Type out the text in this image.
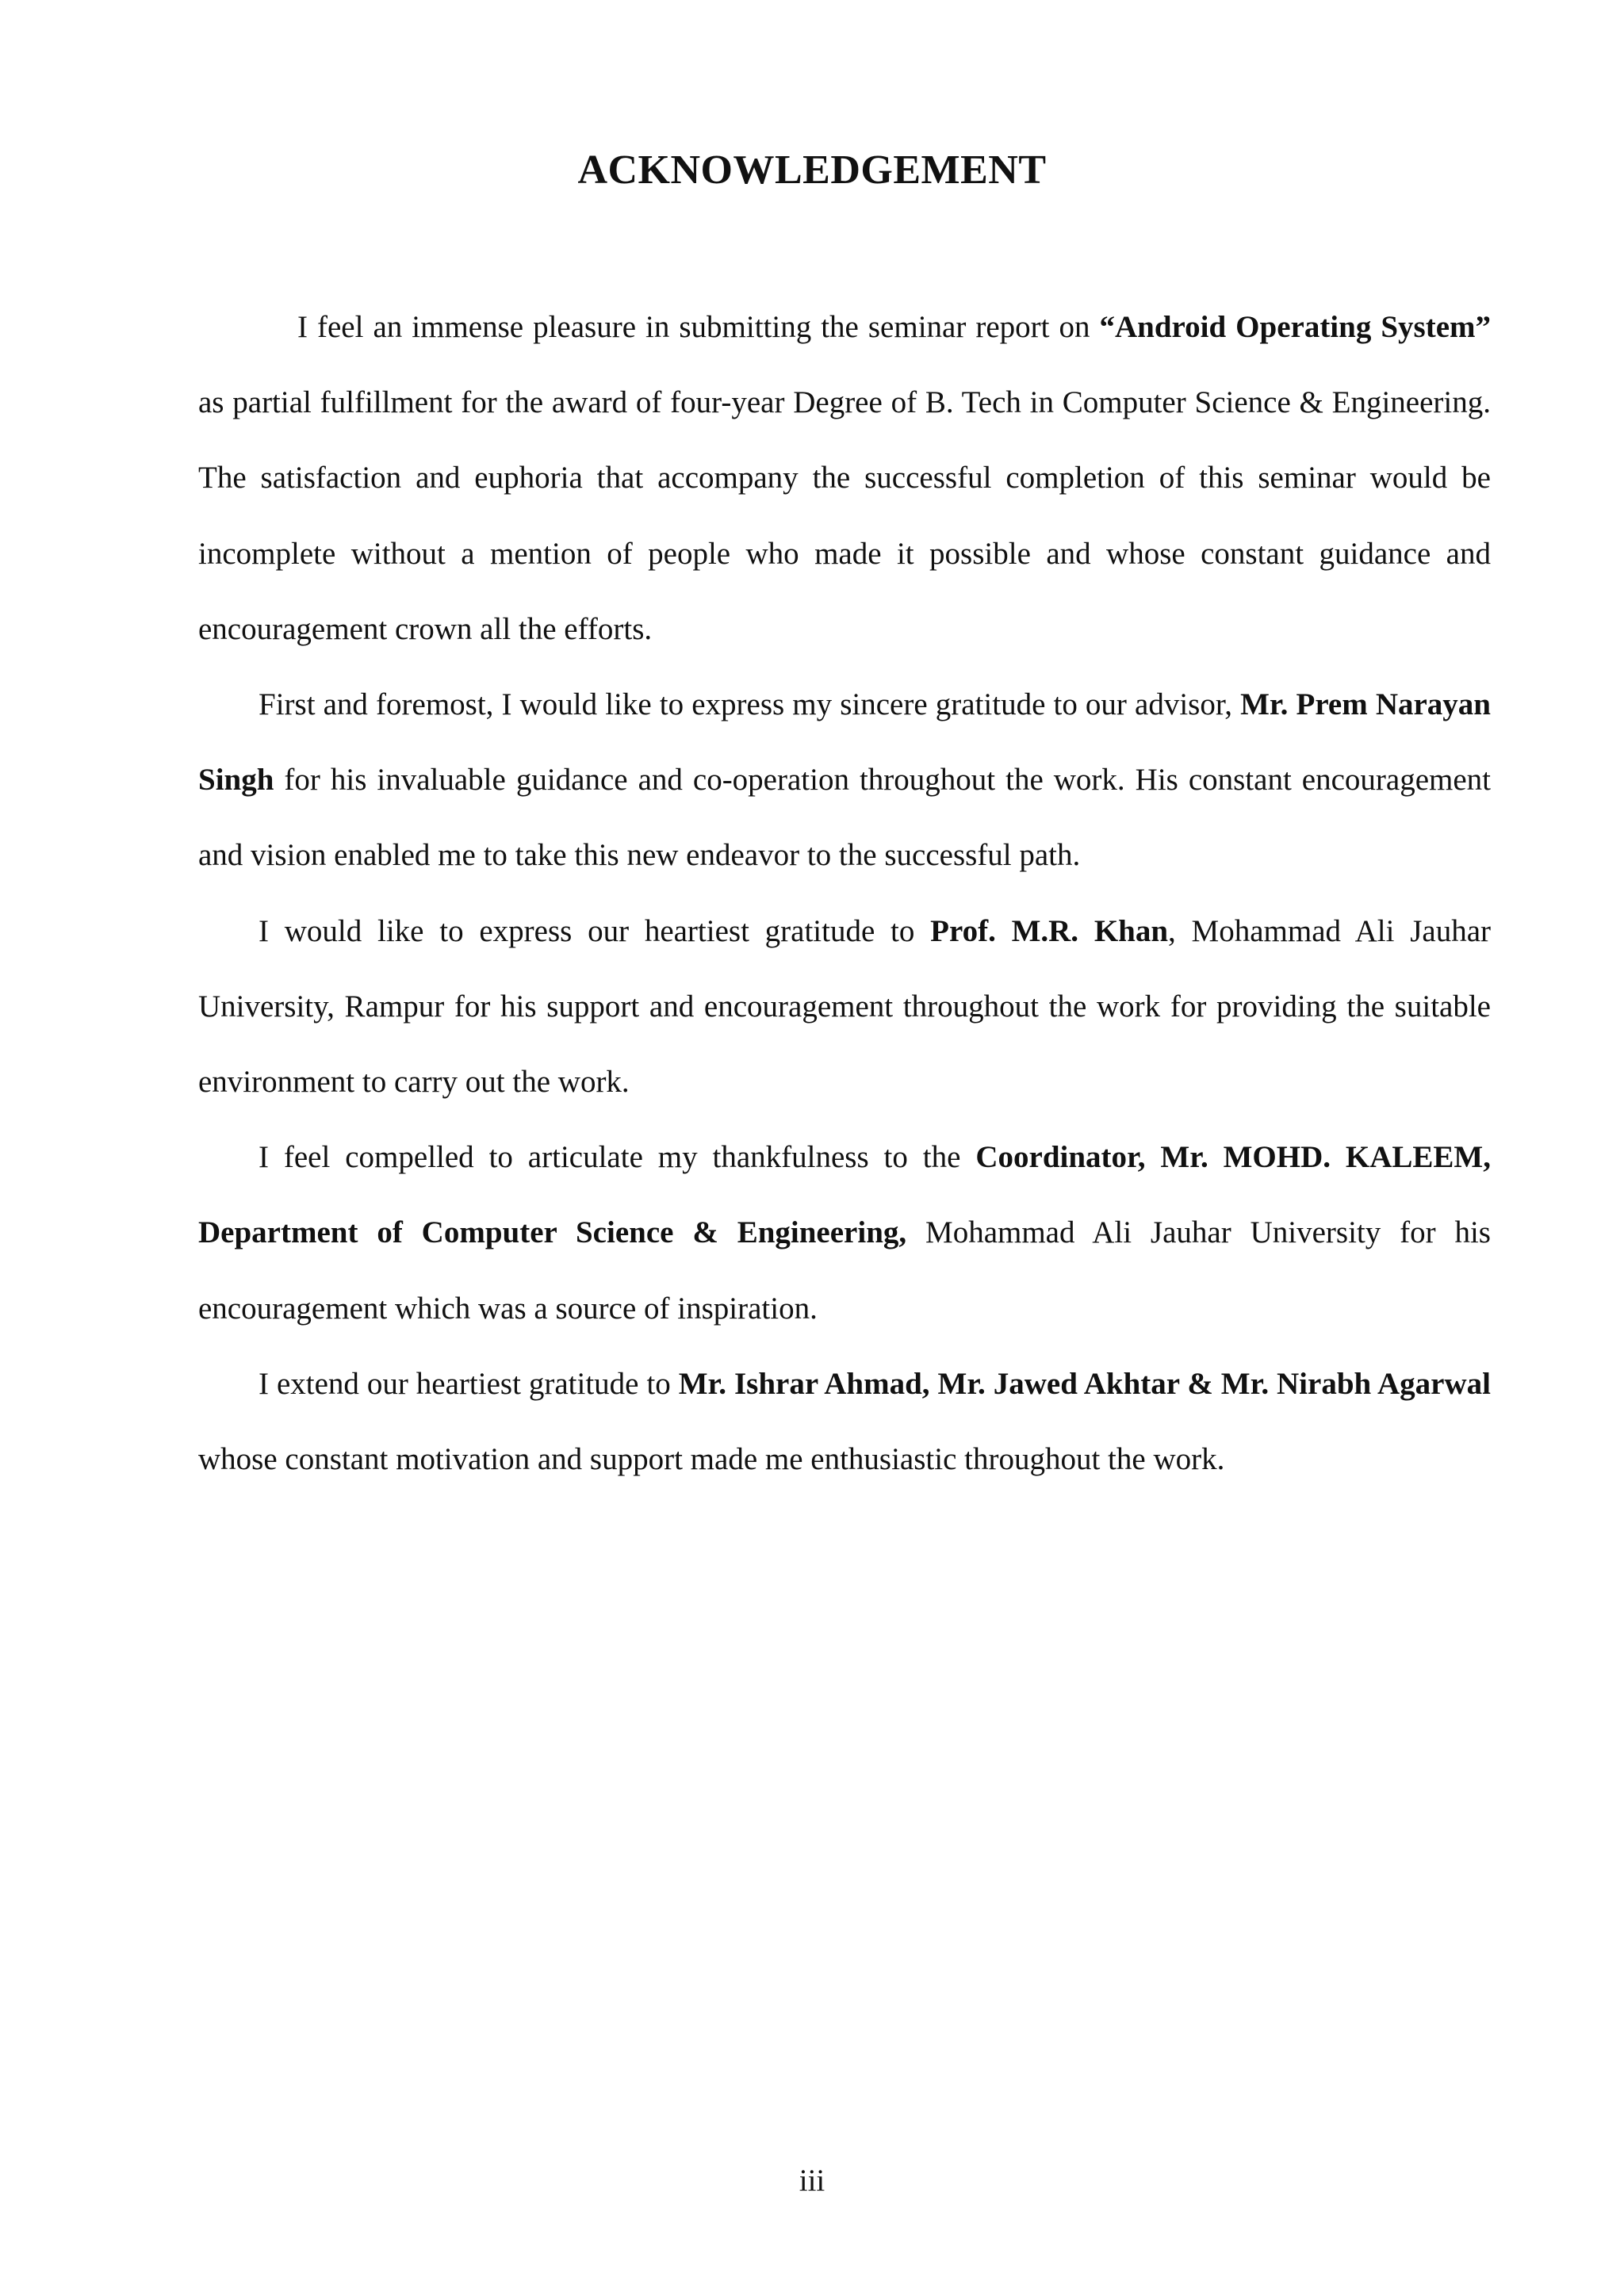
ACKNOWLEDGEMENT

I feel an immense pleasure in submitting the seminar report on “Android Operating System” as partial fulfillment for the award of four-year Degree of B. Tech in Computer Science & Engineering. The satisfaction and euphoria that accompany the successful completion of this seminar would be incomplete without a mention of people who made it possible and whose constant guidance and encouragement crown all the efforts.

First and foremost, I would like to express my sincere gratitude to our advisor, Mr. Prem Narayan Singh for his invaluable guidance and co-operation throughout the work. His constant encouragement and vision enabled me to take this new endeavor to the successful path.

I would like to express our heartiest gratitude to Prof. M.R. Khan, Mohammad Ali Jauhar University, Rampur for his support and encouragement throughout the work for providing the suitable environment to carry out the work.

I feel compelled to articulate my thankfulness to the Coordinator, Mr. MOHD. KALEEM, Department of Computer Science & Engineering, Mohammad Ali Jauhar University for his encouragement which was a source of inspiration.

I extend our heartiest gratitude to Mr. Ishrar Ahmad, Mr. Jawed Akhtar & Mr. Nirabh Agarwal whose constant motivation and support made me enthusiastic throughout the work.

iii
